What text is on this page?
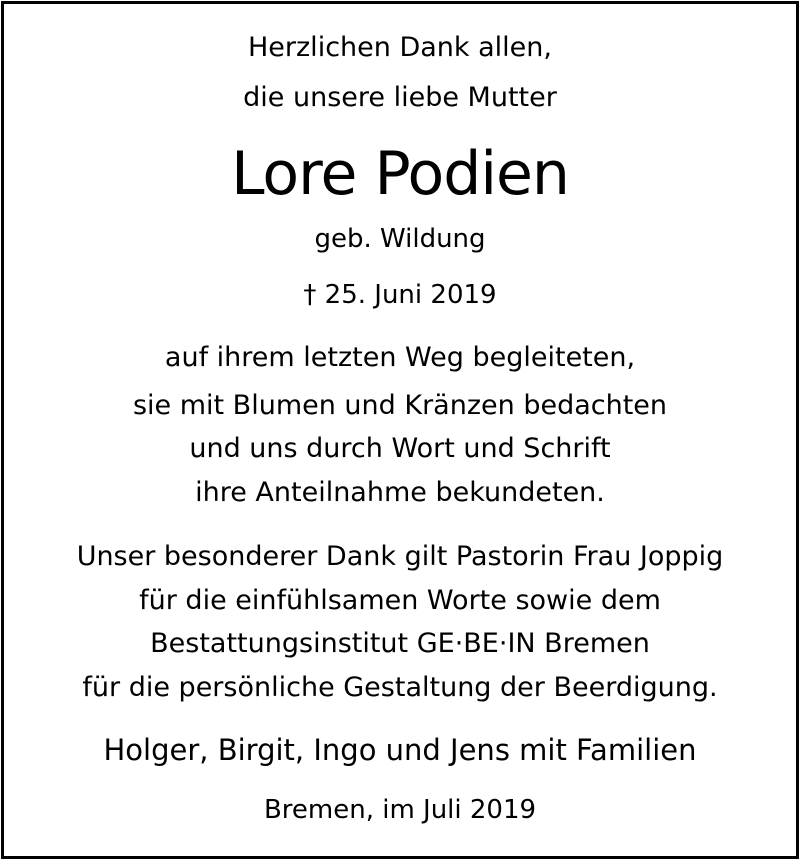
Herzlichen Dank allen,
die unsere liebe Mutter
Lore Podien
geb. Wildung
† 25. Juni 2019
auf ihrem letzten Weg begleiteten,
sie mit Blumen und Kränzen bedachten
und uns durch Wort und Schrift
ihre Anteilnahme bekundeten.
Unser besonderer Dank gilt Pastorin Frau Joppig
für die einfühlsamen Worte sowie dem
Bestattungsinstitut GE·BE·IN Bremen
für die persönliche Gestaltung der Beerdigung.
Holger, Birgit, Ingo und Jens mit Familien
Bremen, im Juli 2019
